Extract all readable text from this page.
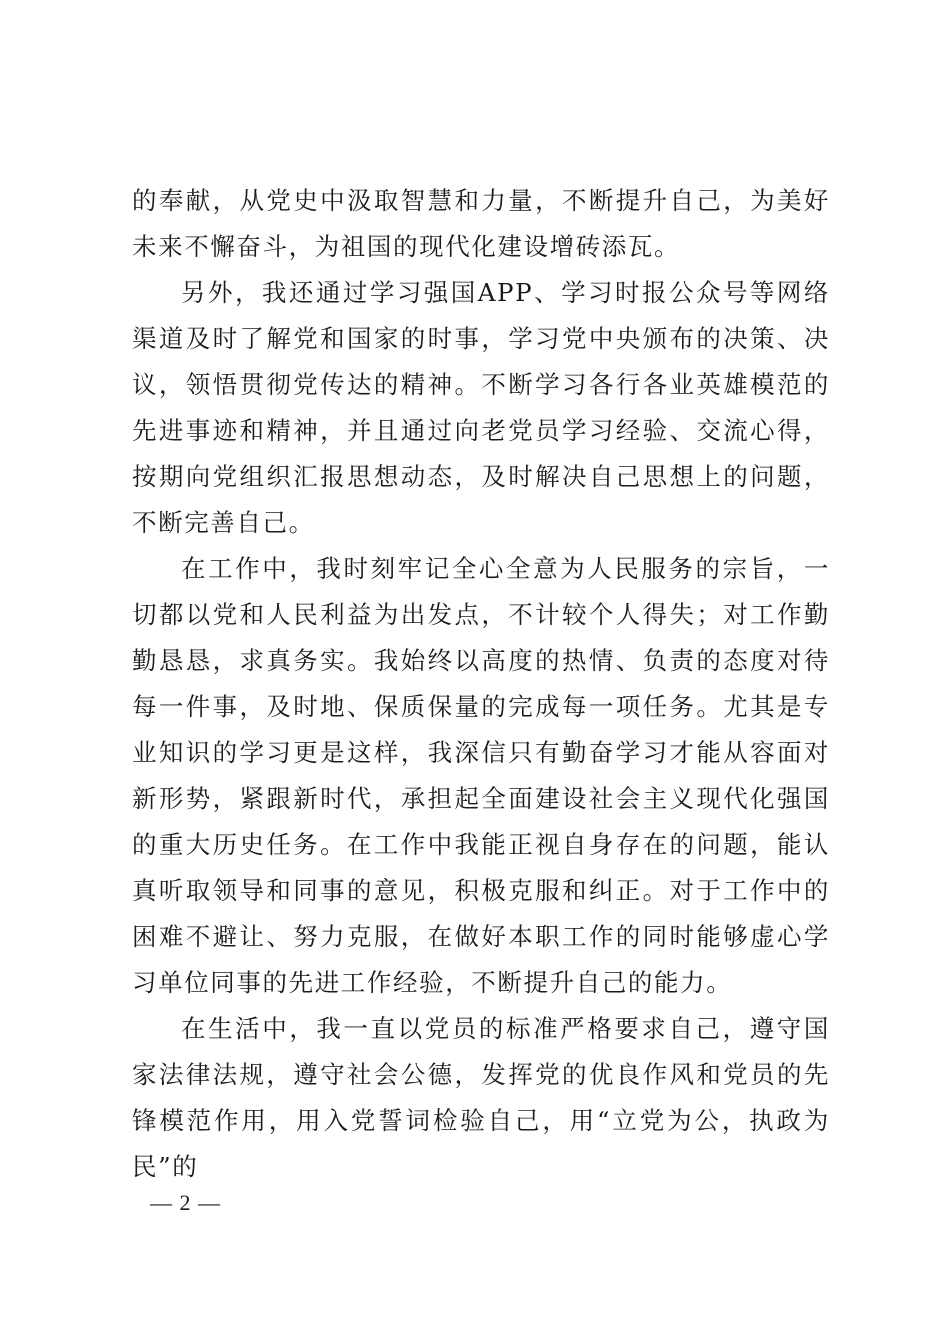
的奉献，从党史中汲取智慧和力量，不断提升自己，为美好未来不懈奋斗，为祖国的现代化建设增砖添瓦。

另外，我还通过学习强国APP、学习时报公众号等网络渠道及时了解党和国家的时事，学习党中央颁布的决策、决议，领悟贯彻党传达的精神。不断学习各行各业英雄模范的先进事迹和精神，并且通过向老党员学习经验、交流心得，按期向党组织汇报思想动态，及时解决自己思想上的问题，不断完善自己。

在工作中，我时刻牢记全心全意为人民服务的宗旨，一切都以党和人民利益为出发点，不计较个人得失；对工作勤勤恳恳，求真务实。我始终以高度的热情、负责的态度对待每一件事，及时地、保质保量的完成每一项任务。尤其是专业知识的学习更是这样，我深信只有勤奋学习才能从容面对新形势，紧跟新时代，承担起全面建设社会主义现代化强国的重大历史任务。在工作中我能正视自身存在的问题，能认真听取领导和同事的意见，积极克服和纠正。对于工作中的困难不避让、努力克服，在做好本职工作的同时能够虚心学习单位同事的先进工作经验，不断提升自己的能力。

在生活中，我一直以党员的标准严格要求自己，遵守国家法律法规，遵守社会公德，发挥党的优良作风和党员的先锋模范作用，用入党誓词检验自己，用“立党为公，执政为民”的

— 2 —
